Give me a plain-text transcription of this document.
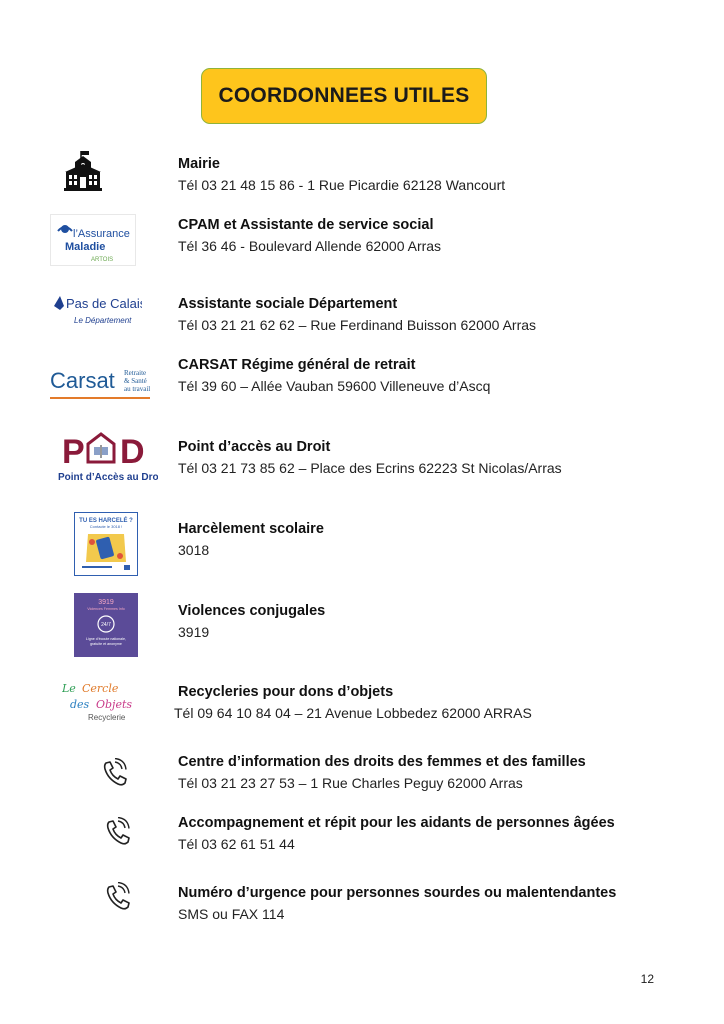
COORDONNEES UTILES
l’Assurance
Maladie
ARTOIS
Pas de Calais
Le Département
Carsat Retraite
& Santé
au travail
P D
Point d’Accès au Droit
TU ES HARCELÉ ?
Contacte le 3018 !
3919
Violences Femmes Info
24/7
Ligne d’écoute nationale,
gratuite et anonyme
Le Cercle
des Objets
Recyclerie
Mairie
Tél 03 21 48 15 86 - 1 Rue Picardie 62128 Wancourt
CPAM et Assistante de service social
Tél 36 46 - Boulevard Allende 62000 Arras
Assistante sociale Département
Tél 03 21 21 62 62 – Rue Ferdinand Buisson 62000 Arras
CARSAT Régime général de retrait
Tél 39 60 – Allée Vauban 59600 Villeneuve d’Ascq
Point d’accès au Droit
Tél 03 21 73 85 62 – Place des Ecrins 62223 St Nicolas/Arras
Harcèlement scolaire
3018
Violences conjugales
3919
Recycleries pour dons d’objets
Tél 09 64 10 84 04 – 21 Avenue Lobbedez 62000 ARRAS
Centre d’information des droits des femmes et des familles
Tél 03 21 23 27 53 – 1 Rue Charles Peguy 62000 Arras
Accompagnement et répit pour les aidants de personnes âgées
Tél 03 62 61 51 44
Numéro d’urgence pour personnes sourdes ou malentendantes
SMS ou FAX 114
12
